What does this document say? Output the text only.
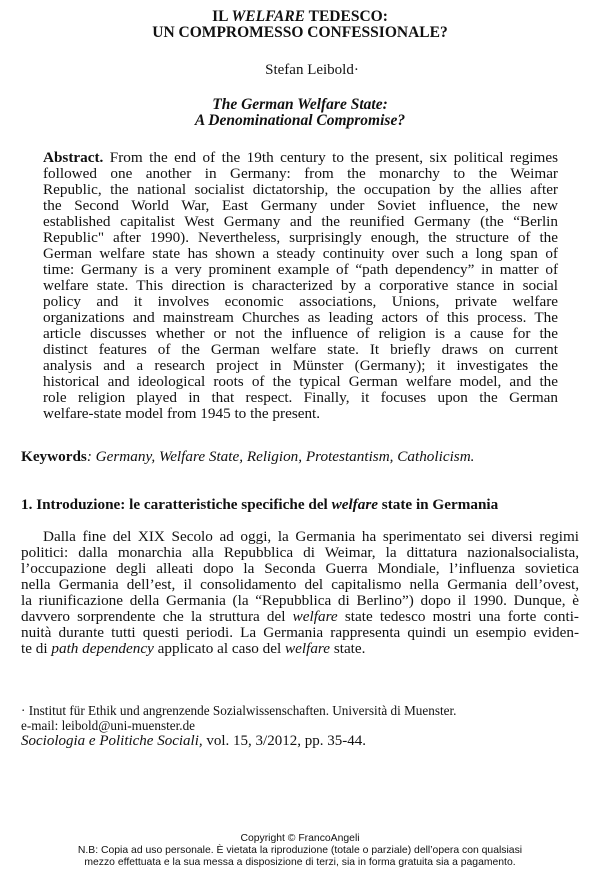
IL WELFARE TEDESCO:
UN COMPROMESSO CONFESSIONALE?
Stefan Leibold·
The German Welfare State:
A Denominational Compromise?
Abstract. From the end of the 19th century to the present, six political regimes
followed one another in Germany: from the monarchy to the Weimar
Republic, the national socialist dictatorship, the occupation by the allies after
the Second World War, East Germany under Soviet influence, the new
established capitalist West Germany and the reunified Germany (the “Berlin
Republic" after 1990). Nevertheless, surprisingly enough, the structure of the
German welfare state has shown a steady continuity over such a long span of
time: Germany is a very prominent example of “path dependency” in matter of
welfare state. This direction is characterized by a corporative stance in social
policy and it involves economic associations, Unions, private welfare
organizations and mainstream Churches as leading actors of this process. The
article discusses whether or not the influence of religion is a cause for the
distinct features of the German welfare state. It briefly draws on current
analysis and a research project in Münster (Germany); it investigates the
historical and ideological roots of the typical German welfare model, and the
role religion played in that respect. Finally, it focuses upon the German
welfare-state model from 1945 to the present.
Keywords: Germany, Welfare State, Religion, Protestantism, Catholicism.
1. Introduzione: le caratteristiche specifiche del welfare state in Germania
Dalla fine del XIX Secolo ad oggi, la Germania ha sperimentato sei diversi regimi
politici: dalla monarchia alla Repubblica di Weimar, la dittatura nazionalsocialista,
l’occupazione degli alleati dopo la Seconda Guerra Mondiale, l’influenza sovietica
nella Germania dell’est, il consolidamento del capitalismo nella Germania dell’ovest,
la riunificazione della Germania (la “Repubblica di Berlino”) dopo il 1990. Dunque, è
davvero sorprendente che la struttura del welfare state tedesco mostri una forte conti-
nuità durante tutti questi periodi. La Germania rappresenta quindi un esempio eviden-
te di path dependency applicato al caso del welfare state.
· Institut für Ethik und angrenzende Sozialwissenschaften. Università di Muenster.
e-mail: leibold@uni-muenster.de
Sociologia e Politiche Sociali, vol. 15, 3/2012, pp. 35-44.
Copyright © FrancoAngeli
N.B: Copia ad uso personale. È vietata la riproduzione (totale o parziale) dell’opera con qualsiasi
mezzo effettuata e la sua messa a disposizione di terzi, sia in forma gratuita sia a pagamento.
